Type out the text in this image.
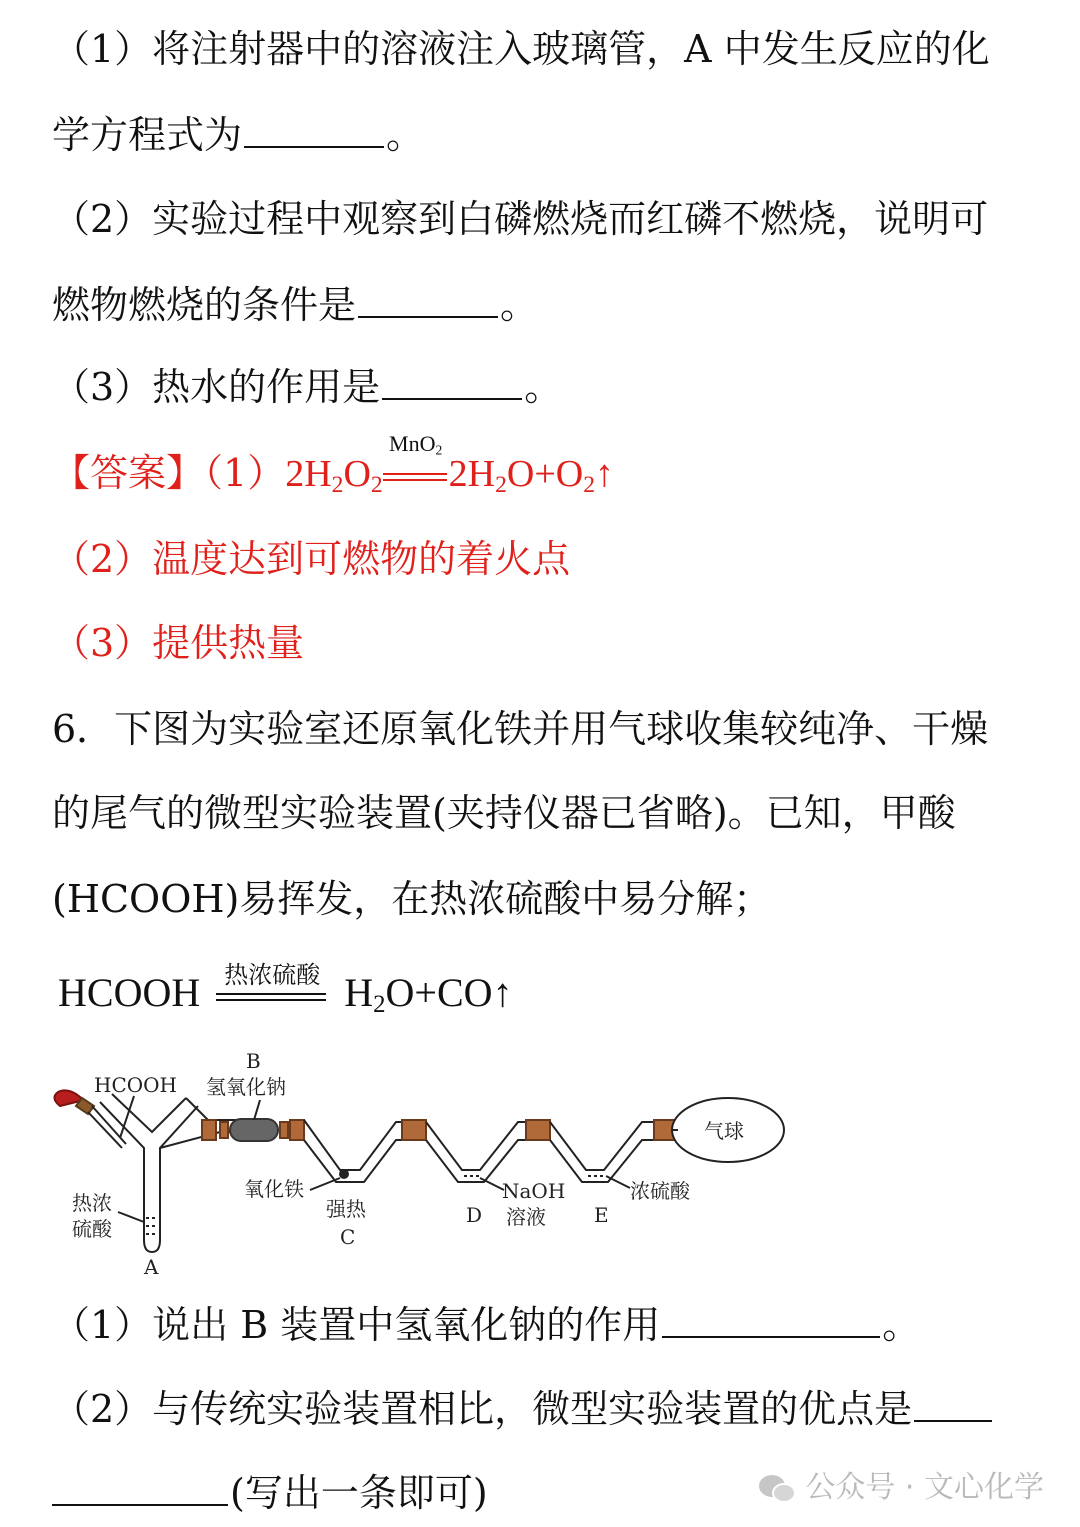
（1）将注射器中的溶液注入玻璃管，A 中发生反应的化
学方程式为	。
（2）实验过程中观察到白磷燃烧而红磷不燃烧，说明可
燃物燃烧的条件是	。
（3）热水的作用是	。
【答案】$(1)2H_2O_2$
MnO$_2$
$2H_2O+O_2↑$
（2）温度达到可燃物的着火点
（3）提供热量
6．下图为实验室还原氧化铁并用气球收集较纯净、干燥
的尾气的微型实验装置(夹持仪器已省略)。已知，甲酸
(HCOOH)易挥发，在热浓硫酸中易分解；
HCOOH	热浓硫酸 $H_2O+CO↑$
HCOOH
B
氢氧化钠
热浓
硫酸
A
氧化铁
强热
C
D
NaOH
溶液 E
浓硫酸
气球
（1）说出 B 装置中氢氧化钠的作用	。
（2）与传统实验装置相比，微型实验装置的优点是
(写出一条即可)	公众号 · 文心化学
